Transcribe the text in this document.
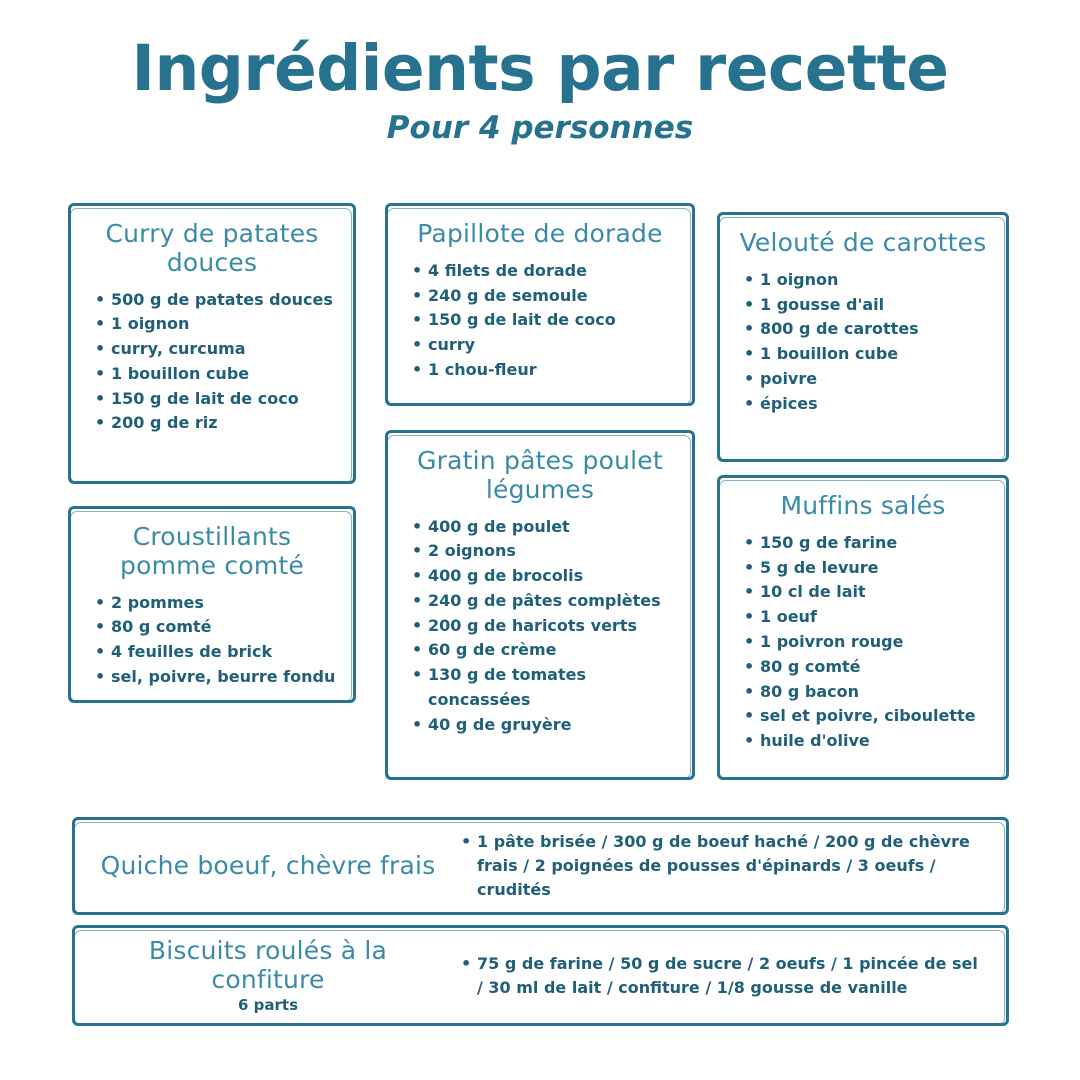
Ingrédients par recette
Pour 4 personnes
Curry de patates douces
• 500 g de patates douces
• 1 oignon
• curry, curcuma
• 1 bouillon cube
• 150 g de lait de coco
• 200 g de riz
Croustillants pomme comté
• 2 pommes
• 80 g comté
• 4 feuilles de brick
• sel, poivre, beurre fondu
Papillote de dorade
• 4 filets de dorade
• 240 g de semoule
• 150 g de lait de coco
• curry
• 1 chou-fleur
Gratin pâtes poulet légumes
• 400 g de poulet
• 2 oignons
• 400 g de brocolis
• 240 g de pâtes complètes
• 200 g de haricots verts
• 60 g de crème
• 130 g de tomates concassées
• 40 g de gruyère
Velouté de carottes
• 1 oignon
• 1 gousse d'ail
• 800 g de carottes
• 1 bouillon cube
• poivre
• épices
Muffins salés
• 150 g de farine
• 5 g de levure
• 10 cl de lait
• 1 oeuf
• 1 poivron rouge
• 80 g comté
• 80 g bacon
• sel et poivre, ciboulette
• huile d'olive
Quiche boeuf, chèvre frais
• 1 pâte brisée / 300 g de boeuf haché / 200 g de chèvre frais / 2 poignées de pousses d'épinards / 3 oeufs / crudités
Biscuits roulés à la confiture
6 parts
• 75 g de farine / 50 g de sucre / 2 oeufs / 1 pincée de sel / 30 ml de lait / confiture / 1/8 gousse de vanille
